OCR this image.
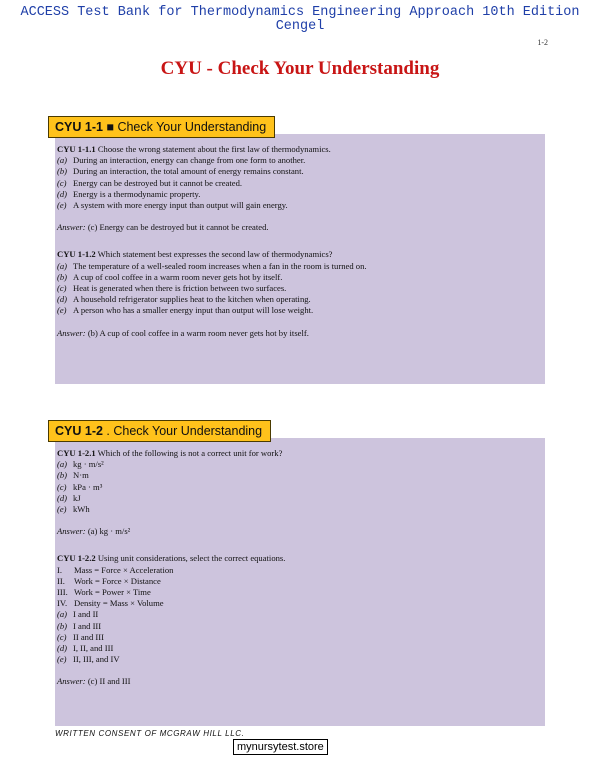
ACCESS Test Bank for Thermodynamics Engineering Approach 10th Edition
Cengel
1-2
CYU - Check Your Understanding
CYU 1-1.1 Choose the wrong statement about the first law of thermodynamics.
(a) During an interaction, energy can change from one form to another.
(b) During an interaction, the total amount of energy remains constant.
(c) Energy can be destroyed but it cannot be created.
(d) Energy is a thermodynamic property.
(e) A system with more energy input than output will gain energy.
Answer: (c) Energy can be destroyed but it cannot be created.
CYU 1-1.2 Which statement best expresses the second law of thermodynamics?
(a) The temperature of a well-sealed room increases when a fan in the room is turned on.
(b) A cup of cool coffee in a warm room never gets hot by itself.
(c) Heat is generated when there is friction between two surfaces.
(d) A household refrigerator supplies heat to the kitchen when operating.
(e) A person who has a smaller energy input than output will lose weight.
Answer: (b) A cup of cool coffee in a warm room never gets hot by itself.
CYU 1-1 ■ Check Your Understanding
CYU 1-2.1 Which of the following is not a correct unit for work?
(a) kg · m/s²
(b) N·m
(c) kPa · m³
(d) kJ
(e) kWh
Answer: (a) kg · m/s²
CYU 1-2.2 Using unit considerations, select the correct equations.
I. Mass = Force × Acceleration
II. Work = Force × Distance
III. Work = Power × Time
IV. Density = Mass × Volume
(a) I and II
(b) I and III
(c) II and III
(d) I, II, and III
(e) II, III, and IV
Answer: (c) II and III
CYU 1-2 . Check Your Understanding
WRITTEN CONSENT OF MCGRAW HILL LLC.
mynursytest.store
